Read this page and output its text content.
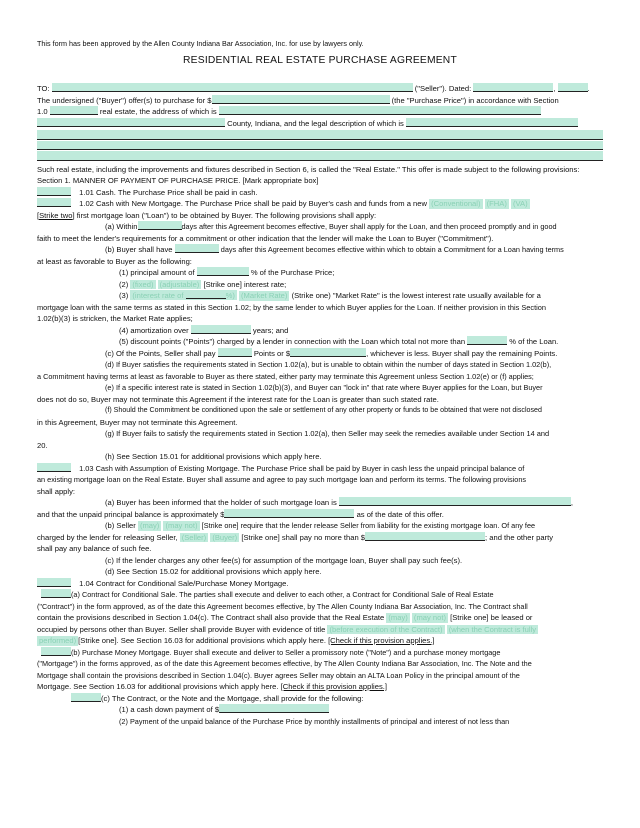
This form has been approved by the Allen County Indiana Bar Association, Inc. for use by lawyers only.
RESIDENTIAL REAL ESTATE PURCHASE AGREEMENT
TO:	("Seller"). Dated:	,	.
The undersigned ("Buyer") offer(s) to purchase for $	(the "Purchase Price") in accordance with Section
1.0	real estate, the address of which is
County, Indiana, and the legal description of which is
Such real estate, including the improvements and fixtures described in Section 6, is called the "Real Estate." This offer is made subject to the following provisions:
Section 1. MANNER OF PAYMENT OF PURCHASE PRICE. [Mark appropriate box]
1.01 Cash. The Purchase Price shall be paid in cash.
1.02 Cash with New Mortgage. The Purchase Price shall be paid by Buyer's cash and funds from a new (Conventional) (FHA) (VA)
[Strike two] first mortgage loan ("Loan") to be obtained by Buyer. The following provisions shall apply:
(a) Within	days after this Agreement becomes effective, Buyer shall apply for the Loan, and then proceed promptly and in good
faith to meet the lender's requirements for a commitment or other indication that the lender will make the Loan to Buyer ("Commitment").
(b) Buyer shall have	days after this Agreement becomes effective within which to obtain a Commitment for a Loan having terms
at least as favorable to Buyer as the following:
(1) principal amount of	% of the Purchase Price;
(2) (fixed) (adjustable) [Strike one] interest rate;
(3) (interest rate of	%) (Market Rate) (Strike one) "Market Rate" is the lowest interest rate usually available for a
mortgage loan with the same terms as stated in this Section 1.02; by the same lender to which Buyer applies for the Loan. If neither provision in this Section
1.02(b)(3) is stricken, the Market Rate applies;
(4) amortization over	years; and
(5) discount points ("Points") charged by a lender in connection with the Loan which total not more than	% of the Loan.
(c) Of the Points, Seller shall pay	Points or $	, whichever is less. Buyer shall pay the remaining Points.
(d) If Buyer satisfies the requirements stated in Section 1.02(a), but is unable to obtain within the number of days stated in Section 1.02(b),
a Commitment having terms at least as favorable to Buyer as there stated, either party may terminate this Agreement unless Section 1.02(e) or (f) applies;
(e) If a specific interest rate is stated in Section 1.02(b)(3), and Buyer can "lock in" that rate where Buyer applies for the Loan, but Buyer
does not do so, Buyer may not terminate this Agreement if the interest rate for the Loan is greater than such stated rate.
(f) Should the Commitment be conditioned upon the sale or settlement of any other property or funds to be obtained that were not disclosed
in this Agreement, Buyer may not terminate this Agreement.
(g) If Buyer fails to satisfy the requirements stated in Section 1.02(a), then Seller may seek the remedies available under Section 14 and
20.
(h) See Section 15.01 for additional provisions which apply here.
1.03 Cash with Assumption of Existing Mortgage. The Purchase Price shall be paid by Buyer in cash less the unpaid principal balance of
an existing mortgage loan on the Real Estate. Buyer shall assume and agree to pay such mortgage loan and perform its terms. The following provisions
shall apply:
(a) Buyer has been informed that the holder of such mortgage loan is	,
and that the unpaid principal balance is approximately $	as of the date of this offer.
(b) Seller (may) (may not) [Strike one] require that the lender release Seller from liability for the existing mortgage loan. Of any fee
charged by the lender for releasing Seller, (Seller) (Buyer) [Strike one] shall pay no more than $	; and the other party
shall pay any balance of such fee.
(c) If the lender charges any other fee(s) for assumption of the mortgage loan, Buyer shall pay such fee(s).
(d) See Section 15.02 for additional provisions which apply here.
1.04 Contract for Conditional Sale/Purchase Money Mortgage.
(a) Contract for Conditional Sale. The parties shall execute and deliver to each other, a Contract for Conditional Sale of Real Estate
("Contract") in the form approved, as of the date this Agreement becomes effective, by The Allen County Indiana Bar Association, Inc. The Contract shall
contain the provisions described in Section 1.04(c). The Contract shall also provide that the Real Estate (may) (may not) [Strike one] be leased or
occupied by persons other than Buyer. Seller shall provide Buyer with evidence of title (before execution of the Contract) (when the Contract is fully
performed) [Strike one]. See Section 16.03 for additional provisions which apply here. [Check if this provision applies.]
(b) Purchase Money Mortgage. Buyer shall execute and deliver to Seller a promissory note ("Note") and a purchase money mortgage
("Mortgage") in the forms approved, as of the date this Agreement becomes effective, by The Allen County Indiana Bar Association, Inc. The Note and the
Mortgage shall contain the provisions described in Section 1.04(c). Buyer agrees Seller may obtain an ALTA Loan Policy in the principal amount of the
Mortgage. See Section 16.03 for additional provisions which apply here. [Check if this provision applies.]
(c) The Contract, or the Note and the Mortgage, shall provide for the following:
(1) a cash down payment of $
(2) Payment of the unpaid balance of the Purchase Price by monthly installments of principal and interest of not less than
